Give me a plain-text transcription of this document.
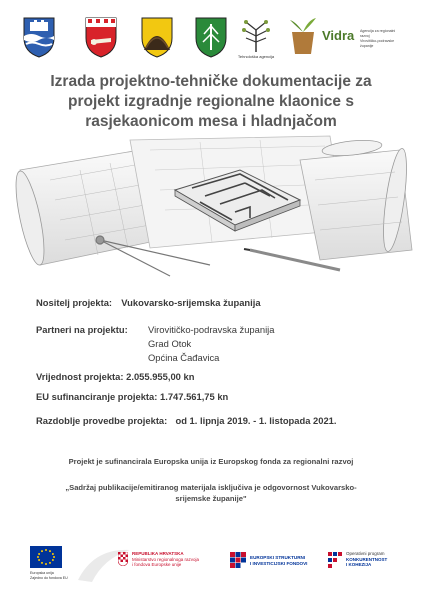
Tehnološka agencija
Vidra Agencija za regionalni razvoj
Virovitičko-podravske županije
Izrada projektno-tehničke dokumentacije za
projekt izgradnje regionalne klaonice s
rasjekaonicom mesa i hladnjačom
Nositelj projekta: Vukovarsko-srijemska županija
Partneri na projektu: Virovitičko-podravska županija
Grad Otok
Općina Čađavica
Vrijednost projekta: 2.055.955,00 kn
EU sufinanciranje projekta: 1.747.561,75 kn
Razdoblje provedbe projekta: od 1. lipnja 2019. - 1. listopada 2021.
Projekt je sufinancirala Europska unija iz Europskog fonda za regionalni razvoj
„Sadržaj publikacije/emitiranog materijala isključiva je odgovornost Vukovarsko-
srijemske županije"
Europska unija
Zajedno do fondova EU
REPUBLIKA HRVATSKA
Ministarstvo regionalnoga razvoja
i fondova Europske unije
EUROPSKI STRUKTURNI
I INVESTICIJSKI FONDOVI
Operativni program
KONKURENTNOST
I KOHEZIJA
